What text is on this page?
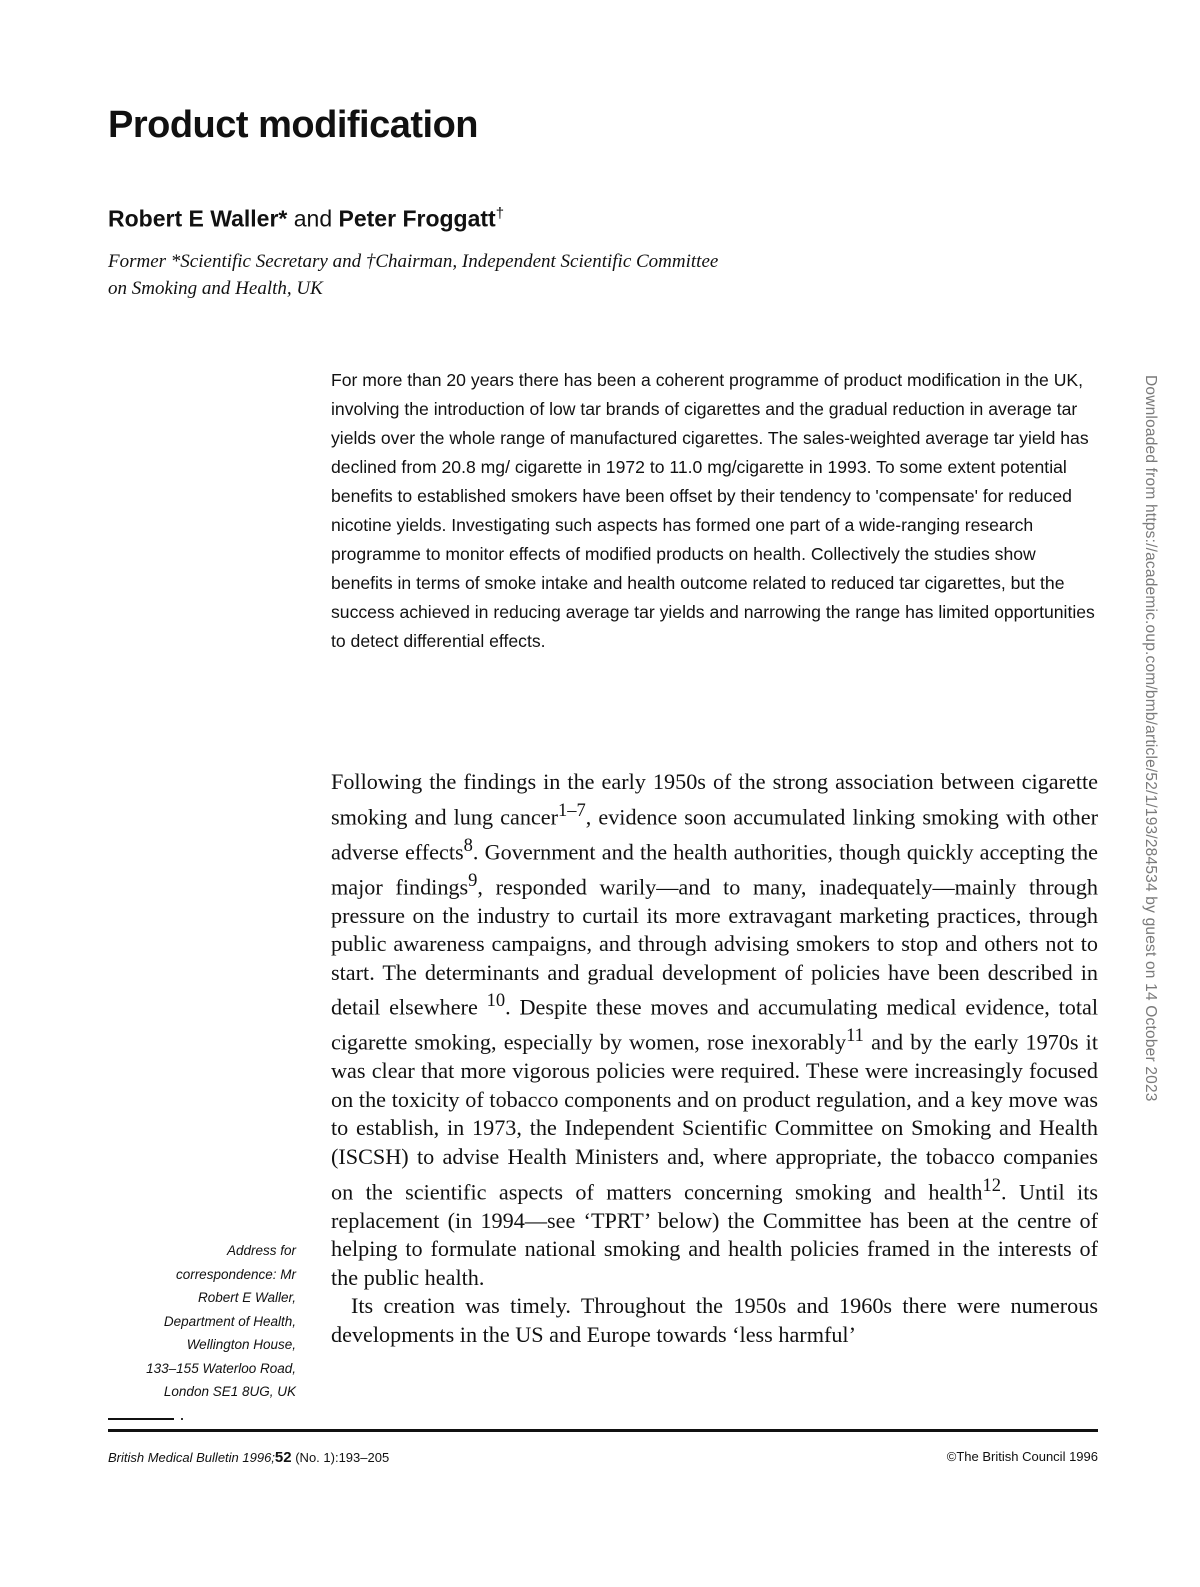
Product modification
Robert E Waller* and Peter Froggatt†
Former *Scientific Secretary and †Chairman, Independent Scientific Committee
on Smoking and Health, UK

For more than 20 years there has been a coherent programme of product modification in the UK, involving the introduction of low tar brands of cigarettes and the gradual reduction in average tar yields over the whole range of manufactured cigarettes. The sales-weighted average tar yield has declined from 20.8 mg/ cigarette in 1972 to 11.0 mg/cigarette in 1993. To some extent potential benefits to established smokers have been offset by their tendency to 'compensate' for reduced nicotine yields. Investigating such aspects has formed one part of a wide-ranging research programme to monitor effects of modified products on health. Collectively the studies show benefits in terms of smoke intake and health outcome related to reduced tar cigarettes, but the success achieved in reducing average tar yields and narrowing the range has limited opportunities to detect differential effects.

Following the findings in the early 1950s of the strong association between cigarette smoking and lung cancer$^{1-7}$, evidence soon accumulated linking smoking with other adverse effects$^8$. Government and the health authorities, though quickly accepting the major findings$^9$, responded warily—and to many, inadequately—mainly through pressure on the industry to curtail its more extravagant marketing practices, through public awareness campaigns, and through advising smokers to stop and others not to start. The determinants and gradual development of policies have been described in detail elsewhere $^{10}$. Despite these moves and accumulating medical evidence, total cigarette smoking, especially by women, rose inexorably$^{11}$ and by the early 1970s it was clear that more vigorous policies were required. These were increasingly focused on the toxicity of tobacco components and on product regulation, and a key move was to establish, in 1973, the Independent Scientific Committee on Smoking and Health (ISCSH) to advise Health Ministers and, where appropriate, the tobacco companies on the scientific aspects of matters concerning smoking and health$^{12}$. Until its replacement (in 1994—see ‘TPRT’ below) the Committee has been at the centre of helping to formulate national smoking and health policies framed in the interests of the public health.

Its creation was timely. Throughout the 1950s and 1960s there were numerous developments in the US and Europe towards ‘less harmful’

Address for
correspondence: Mr
Robert E Waller,
Department of Health,
Wellington House,
133–155 Waterloo Road,
London SE1 8UG, UK
British Medical Bulletin 1996;52 (No. 1):193–205	©The British Council 1996
Downloaded from https://academic.oup.com/bmb/article/52/1/193/284534 by guest on 14 October 2023
